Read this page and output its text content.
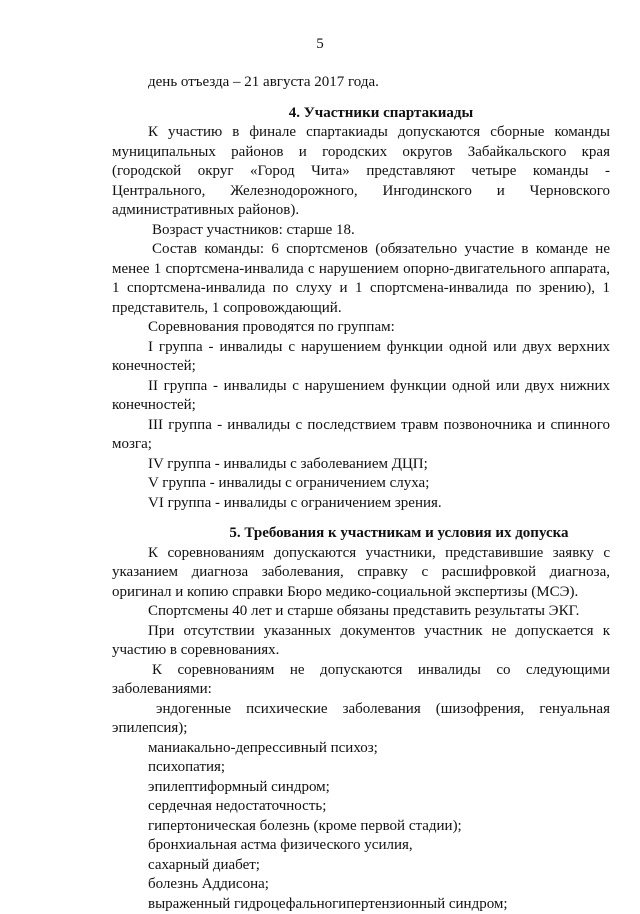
5

день отъезда – 21 августа 2017 года.

4. Участники спартакиады

К участию в финале спартакиады допускаются сборные команды муниципальных районов и городских округов Забайкальского края (городской округ «Город Чита» представляют четыре команды - Центрального, Железнодорожного, Ингодинского и Черновского административных районов).

Возраст участников: старше 18.

Состав команды: 6 спортсменов (обязательно участие в команде не менее 1 спортсмена-инвалида с нарушением опорно-двигательного аппарата, 1 спортсмена-инвалида по слуху и 1 спортсмена-инвалида по зрению), 1 представитель, 1 сопровождающий.

Соревнования проводятся по группам:

I группа - инвалиды с нарушением функции одной или двух верхних конечностей;

II группа - инвалиды с нарушением функции одной или двух нижних конечностей;

III группа - инвалиды с последствием травм позвоночника и спинного мозга;

IV группа - инвалиды с заболеванием ДЦП;

V группа - инвалиды с ограничением слуха;

VI группа - инвалиды с ограничением зрения.

5. Требования к участникам и условия их допуска

К соревнованиям допускаются участники, представившие заявку с указанием диагноза заболевания, справку с расшифровкой диагноза, оригинал и копию справки Бюро медико-социальной экспертизы (МСЭ).

Спортсмены 40 лет и старше обязаны представить результаты ЭКГ.

При отсутствии указанных документов участник не допускается к участию в соревнованиях.

К соревнованиям не допускаются инвалиды со следующими заболеваниями:

эндогенные психические заболевания (шизофрения, генуальная эпилепсия);

маниакально-депрессивный психоз;

психопатия;

эпилептиформный синдром;

сердечная недостаточность;

гипертоническая болезнь (кроме первой стадии);

бронхиальная астма физического усилия,

сахарный диабет;

болезнь Аддисона;

выраженный гидроцефальногипертензионный синдром;
